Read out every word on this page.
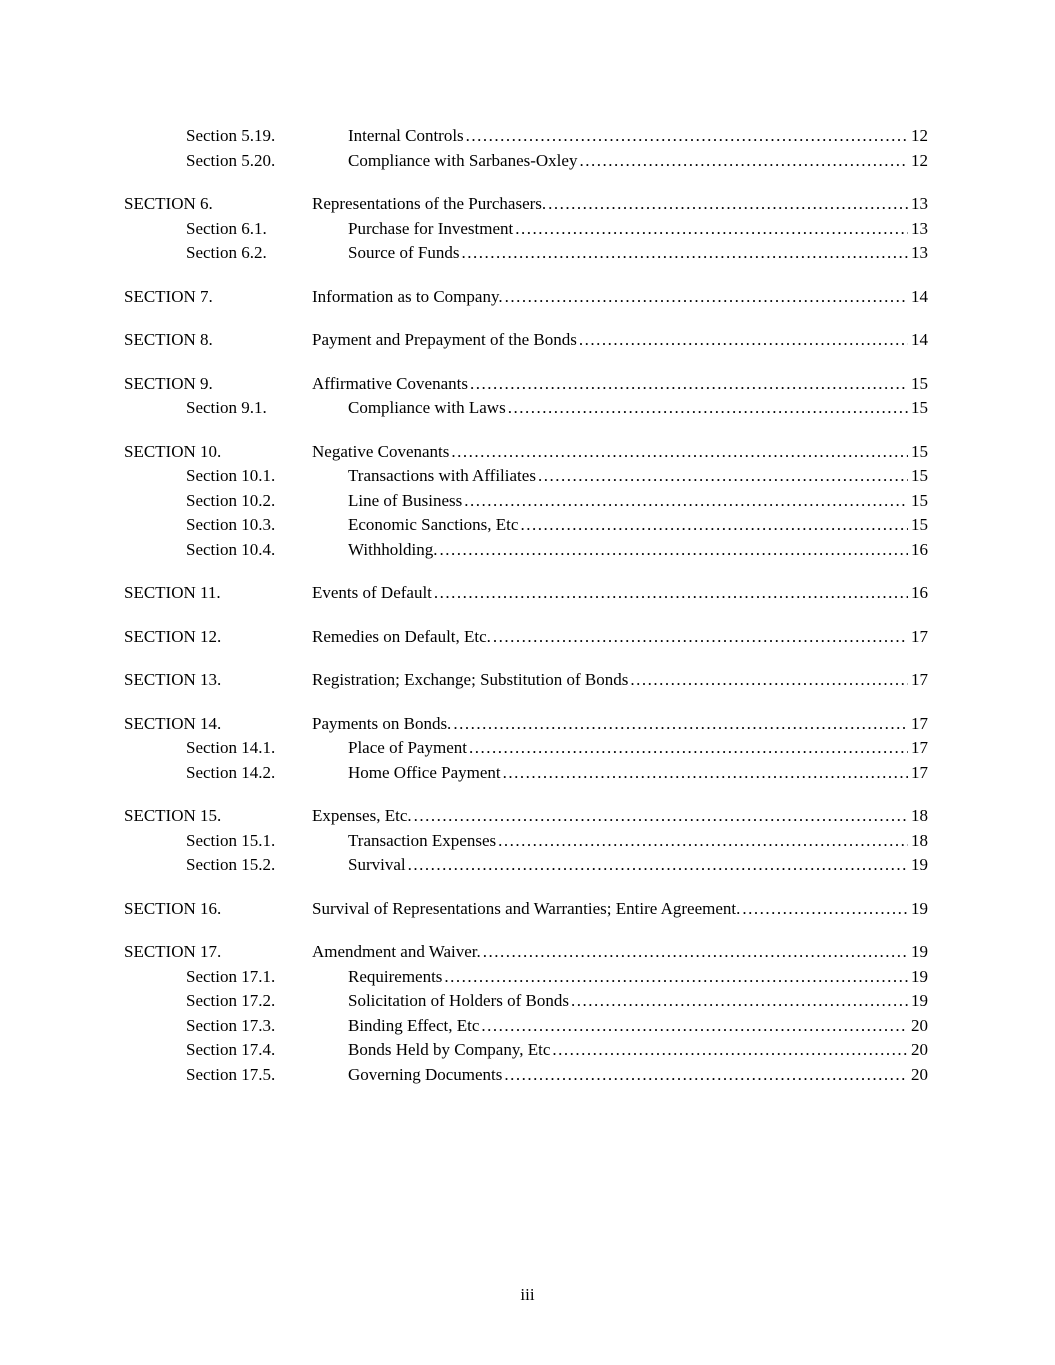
Section 5.19.	Internal Controls .....	12
Section 5.20.	Compliance with Sarbanes-Oxley .....	12
SECTION 6.	Representations of the Purchasers. .....	13
Section 6.1.	Purchase for Investment .....	13
Section 6.2.	Source of Funds .....	13
SECTION 7.	Information as to Company. .....	14
SECTION 8.	Payment and Prepayment of the Bonds .....	14
SECTION 9.	Affirmative Covenants .....	15
Section 9.1.	Compliance with Laws .....	15
SECTION 10.	Negative Covenants .....	15
Section 10.1.	Transactions with Affiliates .....	15
Section 10.2.	Line of Business .....	15
Section 10.3.	Economic Sanctions, Etc .....	15
Section 10.4.	Withholding. .....	16
SECTION 11.	Events of Default .....	16
SECTION 12.	Remedies on Default, Etc. .....	17
SECTION 13.	Registration; Exchange; Substitution of Bonds .....	17
SECTION 14.	Payments on Bonds. .....	17
Section 14.1.	Place of Payment .....	17
Section 14.2.	Home Office Payment .....	17
SECTION 15.	Expenses, Etc. .....	18
Section 15.1.	Transaction Expenses .....	18
Section 15.2.	Survival .....	19
SECTION 16.	Survival of Representations and Warranties; Entire Agreement. .....	19
SECTION 17.	Amendment and Waiver. .....	19
Section 17.1.	Requirements .....	19
Section 17.2.	Solicitation of Holders of Bonds .....	19
Section 17.3.	Binding Effect, Etc .....	20
Section 17.4.	Bonds Held by Company, Etc .....	20
Section 17.5.	Governing Documents .....	20
iii
